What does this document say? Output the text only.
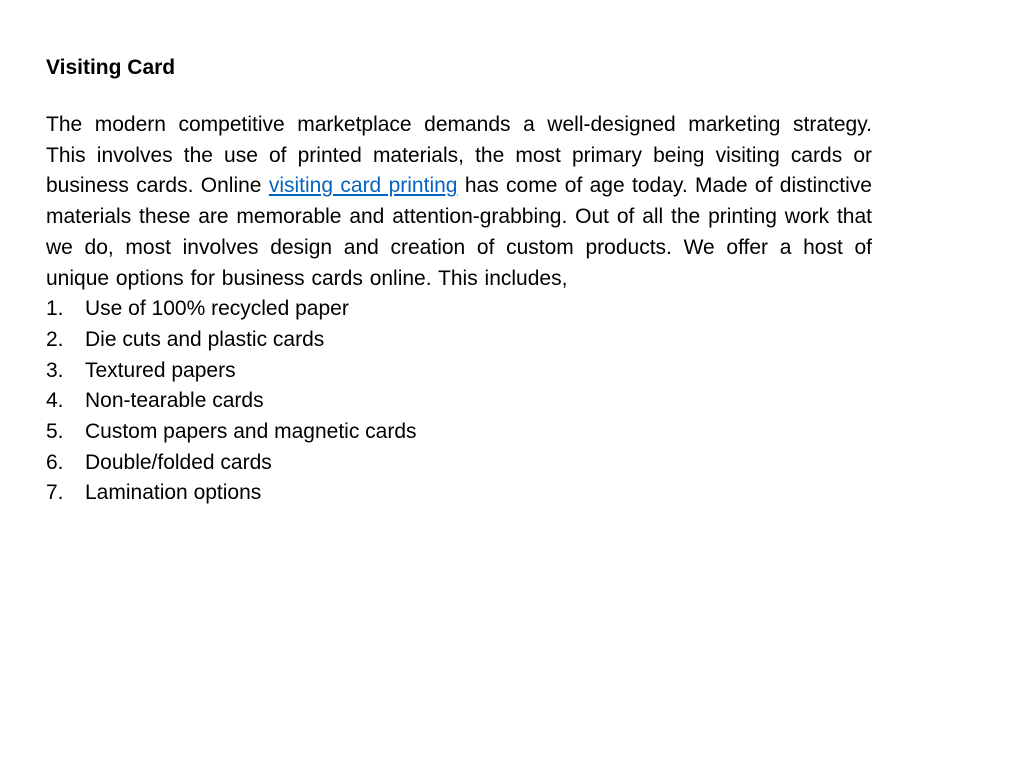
Visiting Card

The modern competitive marketplace demands a well-designed marketing strategy. This involves the use of printed materials, the most primary being visiting cards or business cards. Online visiting card printing has come of age today. Made of distinctive materials these are memorable and attention-grabbing. Out of all the printing work that we do, most involves design and creation of custom products. We offer a host of unique options for business cards online. This includes,

1.	Use of 100% recycled paper
2.	Die cuts and plastic cards
3.	Textured papers
4.	Non-tearable cards
5.	Custom papers and magnetic cards
6.	Double/folded cards
7.	Lamination options
